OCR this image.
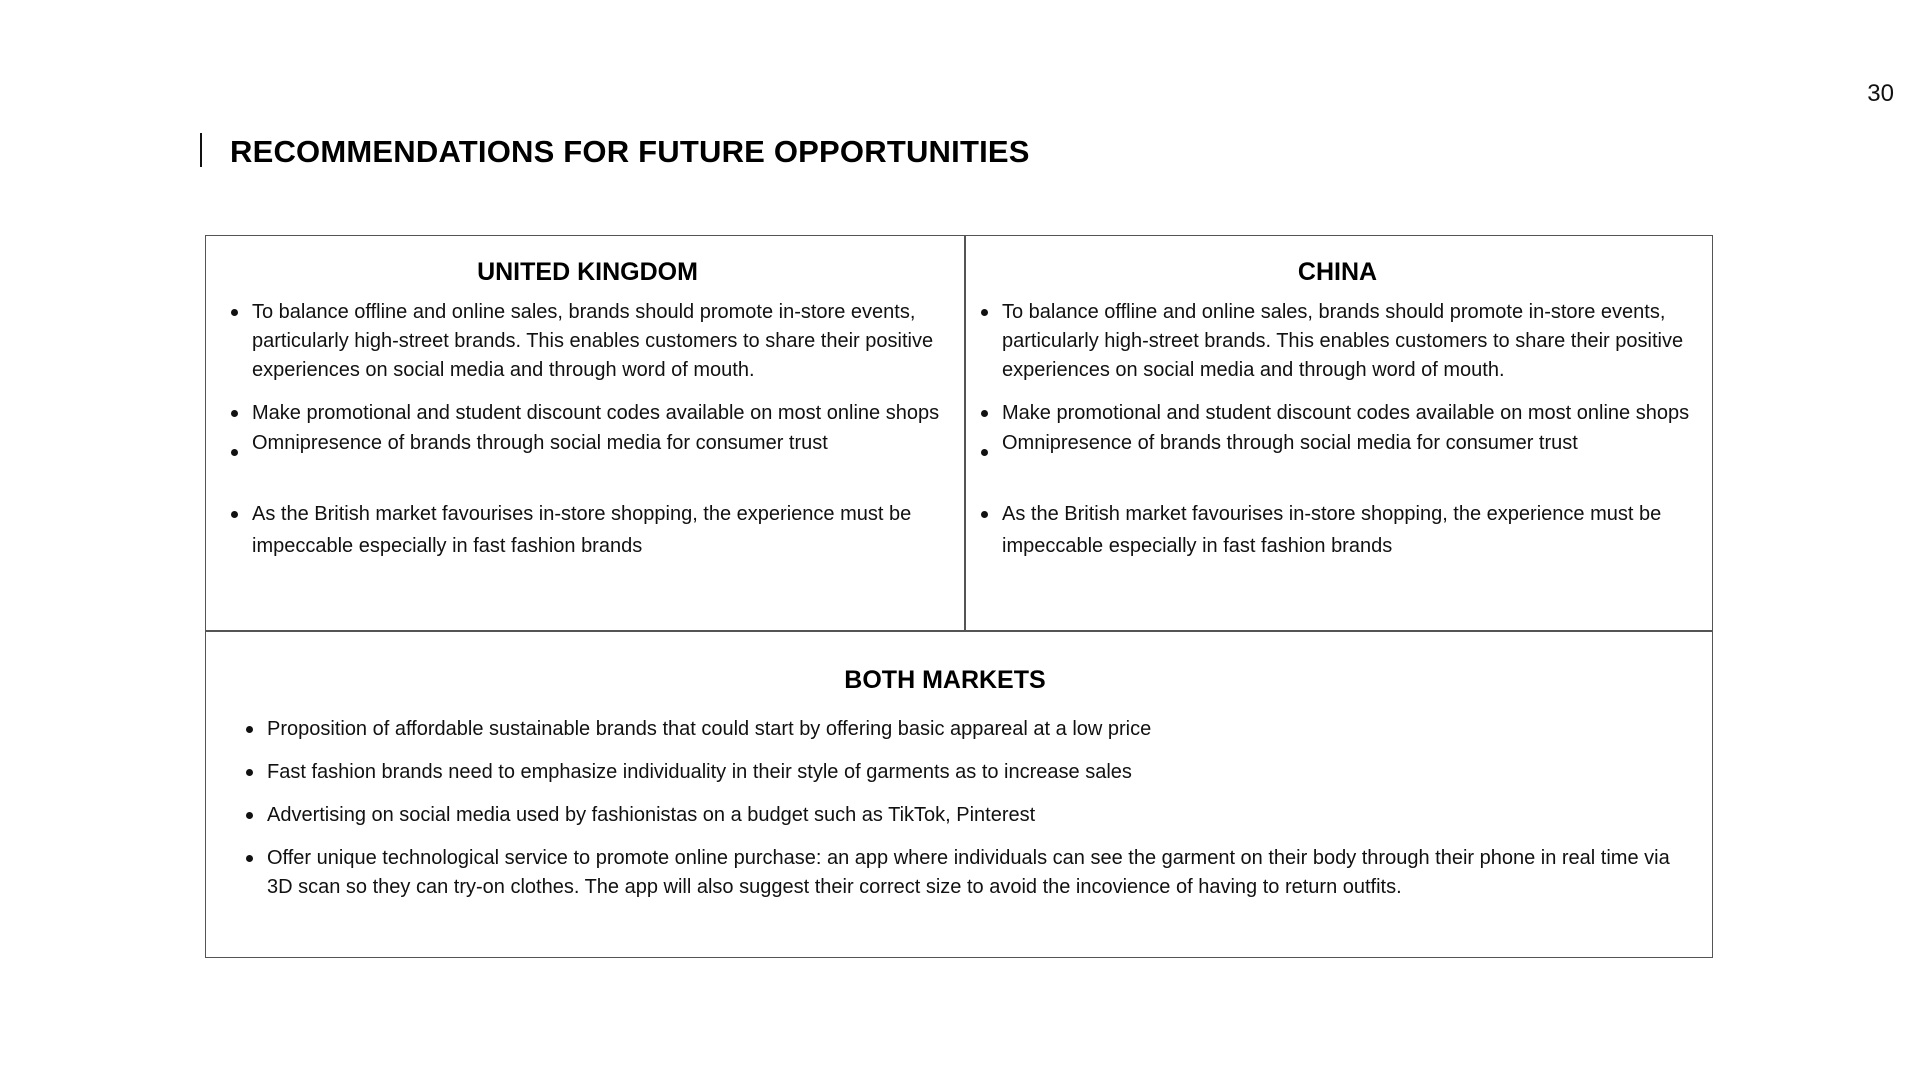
30
RECOMMENDATIONS FOR FUTURE OPPORTUNITIES
UNITED KINGDOM
To balance offline and online sales, brands should promote in-store events, particularly high-street brands. This enables customers to share their positive experiences on social media and through word of mouth.
Make promotional and student discount codes available on most online shops
Omnipresence of brands through social media for consumer trust
As the British market favourises in-store shopping, the experience must be impeccable especially in fast fashion brands
CHINA
To balance offline and online sales, brands should promote in-store events, particularly high-street brands. This enables customers to share their positive experiences on social media and through word of mouth.
Make promotional and student discount codes available on most online shops
Omnipresence of brands through social media for consumer trust
As the British market favourises in-store shopping, the experience must be impeccable especially in fast fashion brands
BOTH MARKETS
Proposition of affordable sustainable brands that could start by offering basic appareal at a low price
Fast fashion brands need to emphasize individuality in their style of garments as to increase sales
Advertising on social media used by fashionistas on a budget such as TikTok, Pinterest
Offer unique technological service to promote online purchase: an app where individuals can see the garment on their body through their phone in real time via 3D scan so they can try-on clothes. The app will also suggest their correct size to avoid the incovience of having to return outfits.
